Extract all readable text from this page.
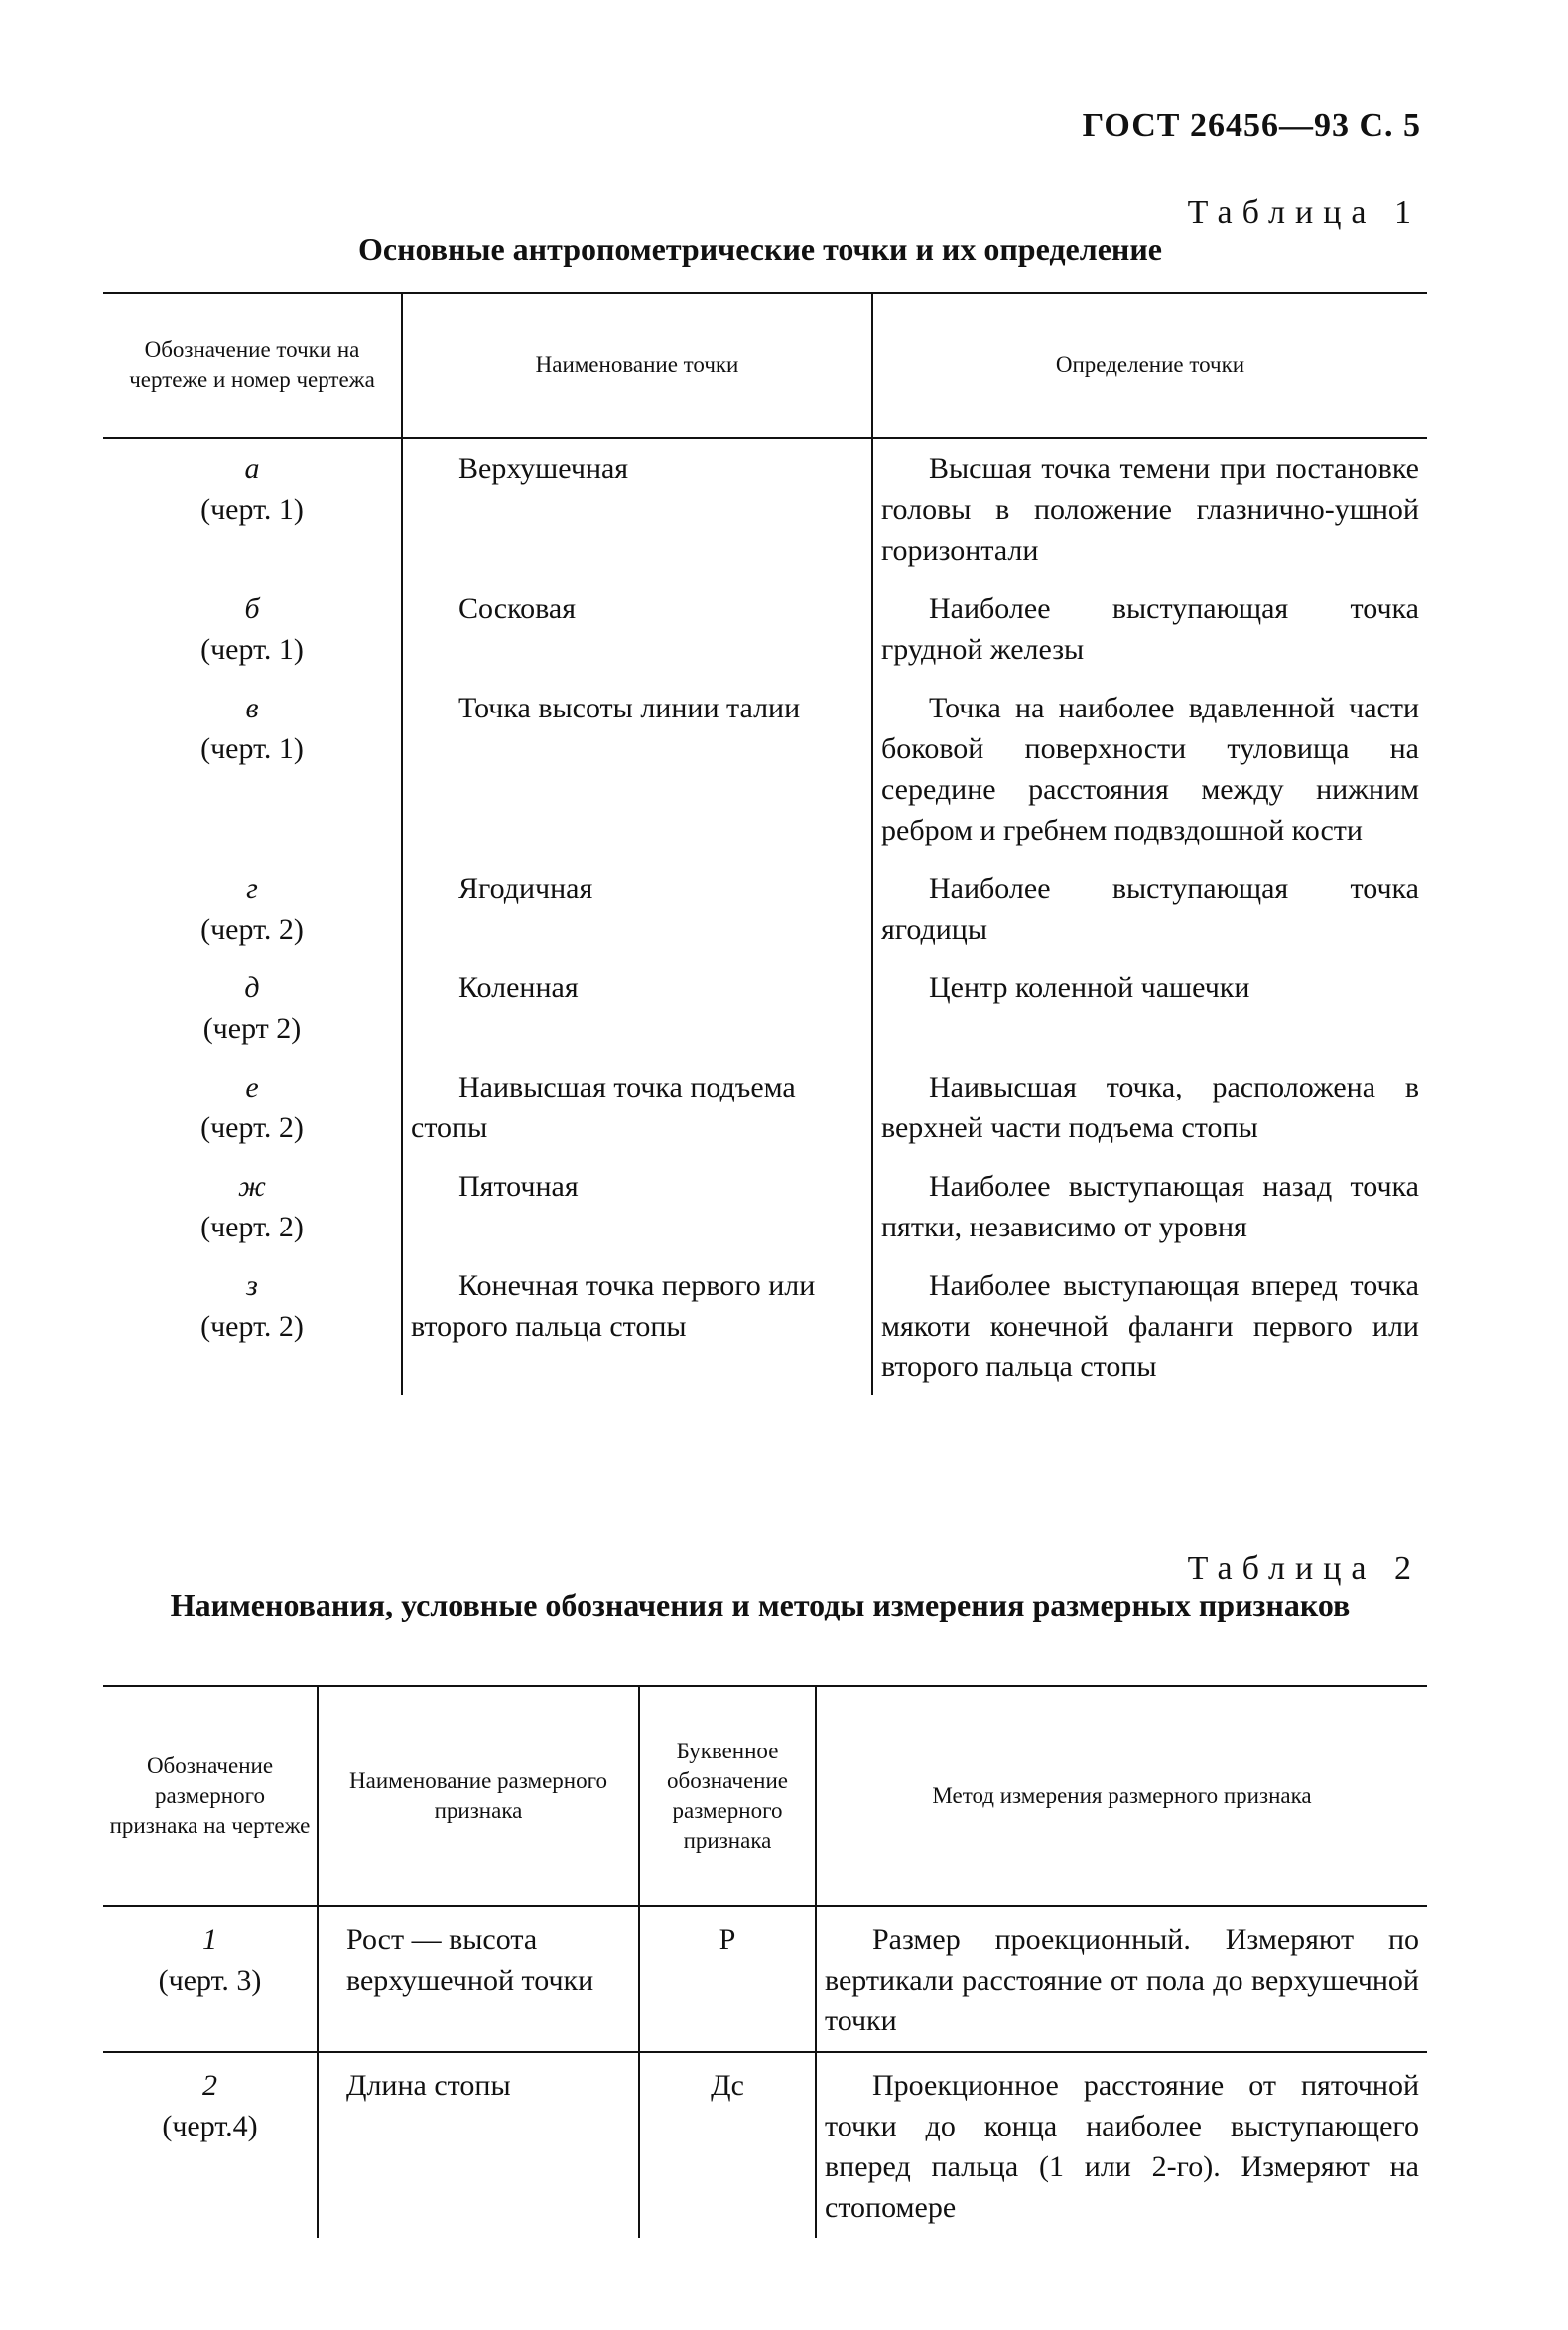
ГОСТ 26456—93 С. 5
Таблица 1
Основные антропометрические точки и их определение
Обозначение точки на чертеже и номер чертежа	Наименование точки	Определение точки
а
(черт. 1)	Верхушечная	Высшая точка темени при постановке головы в положение глазнично-ушной горизонтали

б
(черт. 1)	Сосковая	Наиболее выступающая точка грудной железы

в
(черт. 1)	Точка высоты линии талии	Точка на наиболее вдавленной части боковой поверхности туловища на середине расстояния между нижним ребром и гребнем подвздошной кости

г
(черт. 2)	Ягодичная	Наиболее выступающая точка ягодицы

д
(черт 2)	Коленная	Центр коленной чашечки

е
(черт. 2)	Наивысшая точка подъема стопы	Наивысшая точка, расположена в верхней части подъема стопы

ж
(черт. 2)	Пяточная	Наиболее выступающая назад точка пятки, независимо от уровня

з
(черт. 2)	Конечная точка первого или второго пальца стопы	Наиболее выступающая вперед точка мякоти конечной фаланги первого или второго пальца стопы
Таблица 2
Наименования, условные обозначения и методы измерения размерных признаков
Обозначение размерного признака на чертеже	Наименование размерного признака	Буквенное обозначение размерного признака	Метод измерения размерного признака
1
(черт. 3)	Рост — высота верхушечной точки	Р	Размер проекционный. Измеряют по вертикали расстояние от пола до верхушечной точки

2
(черт.4)	Длина стопы	Дс	Проекционное расстояние от пяточной точки до конца наиболее выступающего вперед пальца (1 или 2-го). Измеряют на стопомере
